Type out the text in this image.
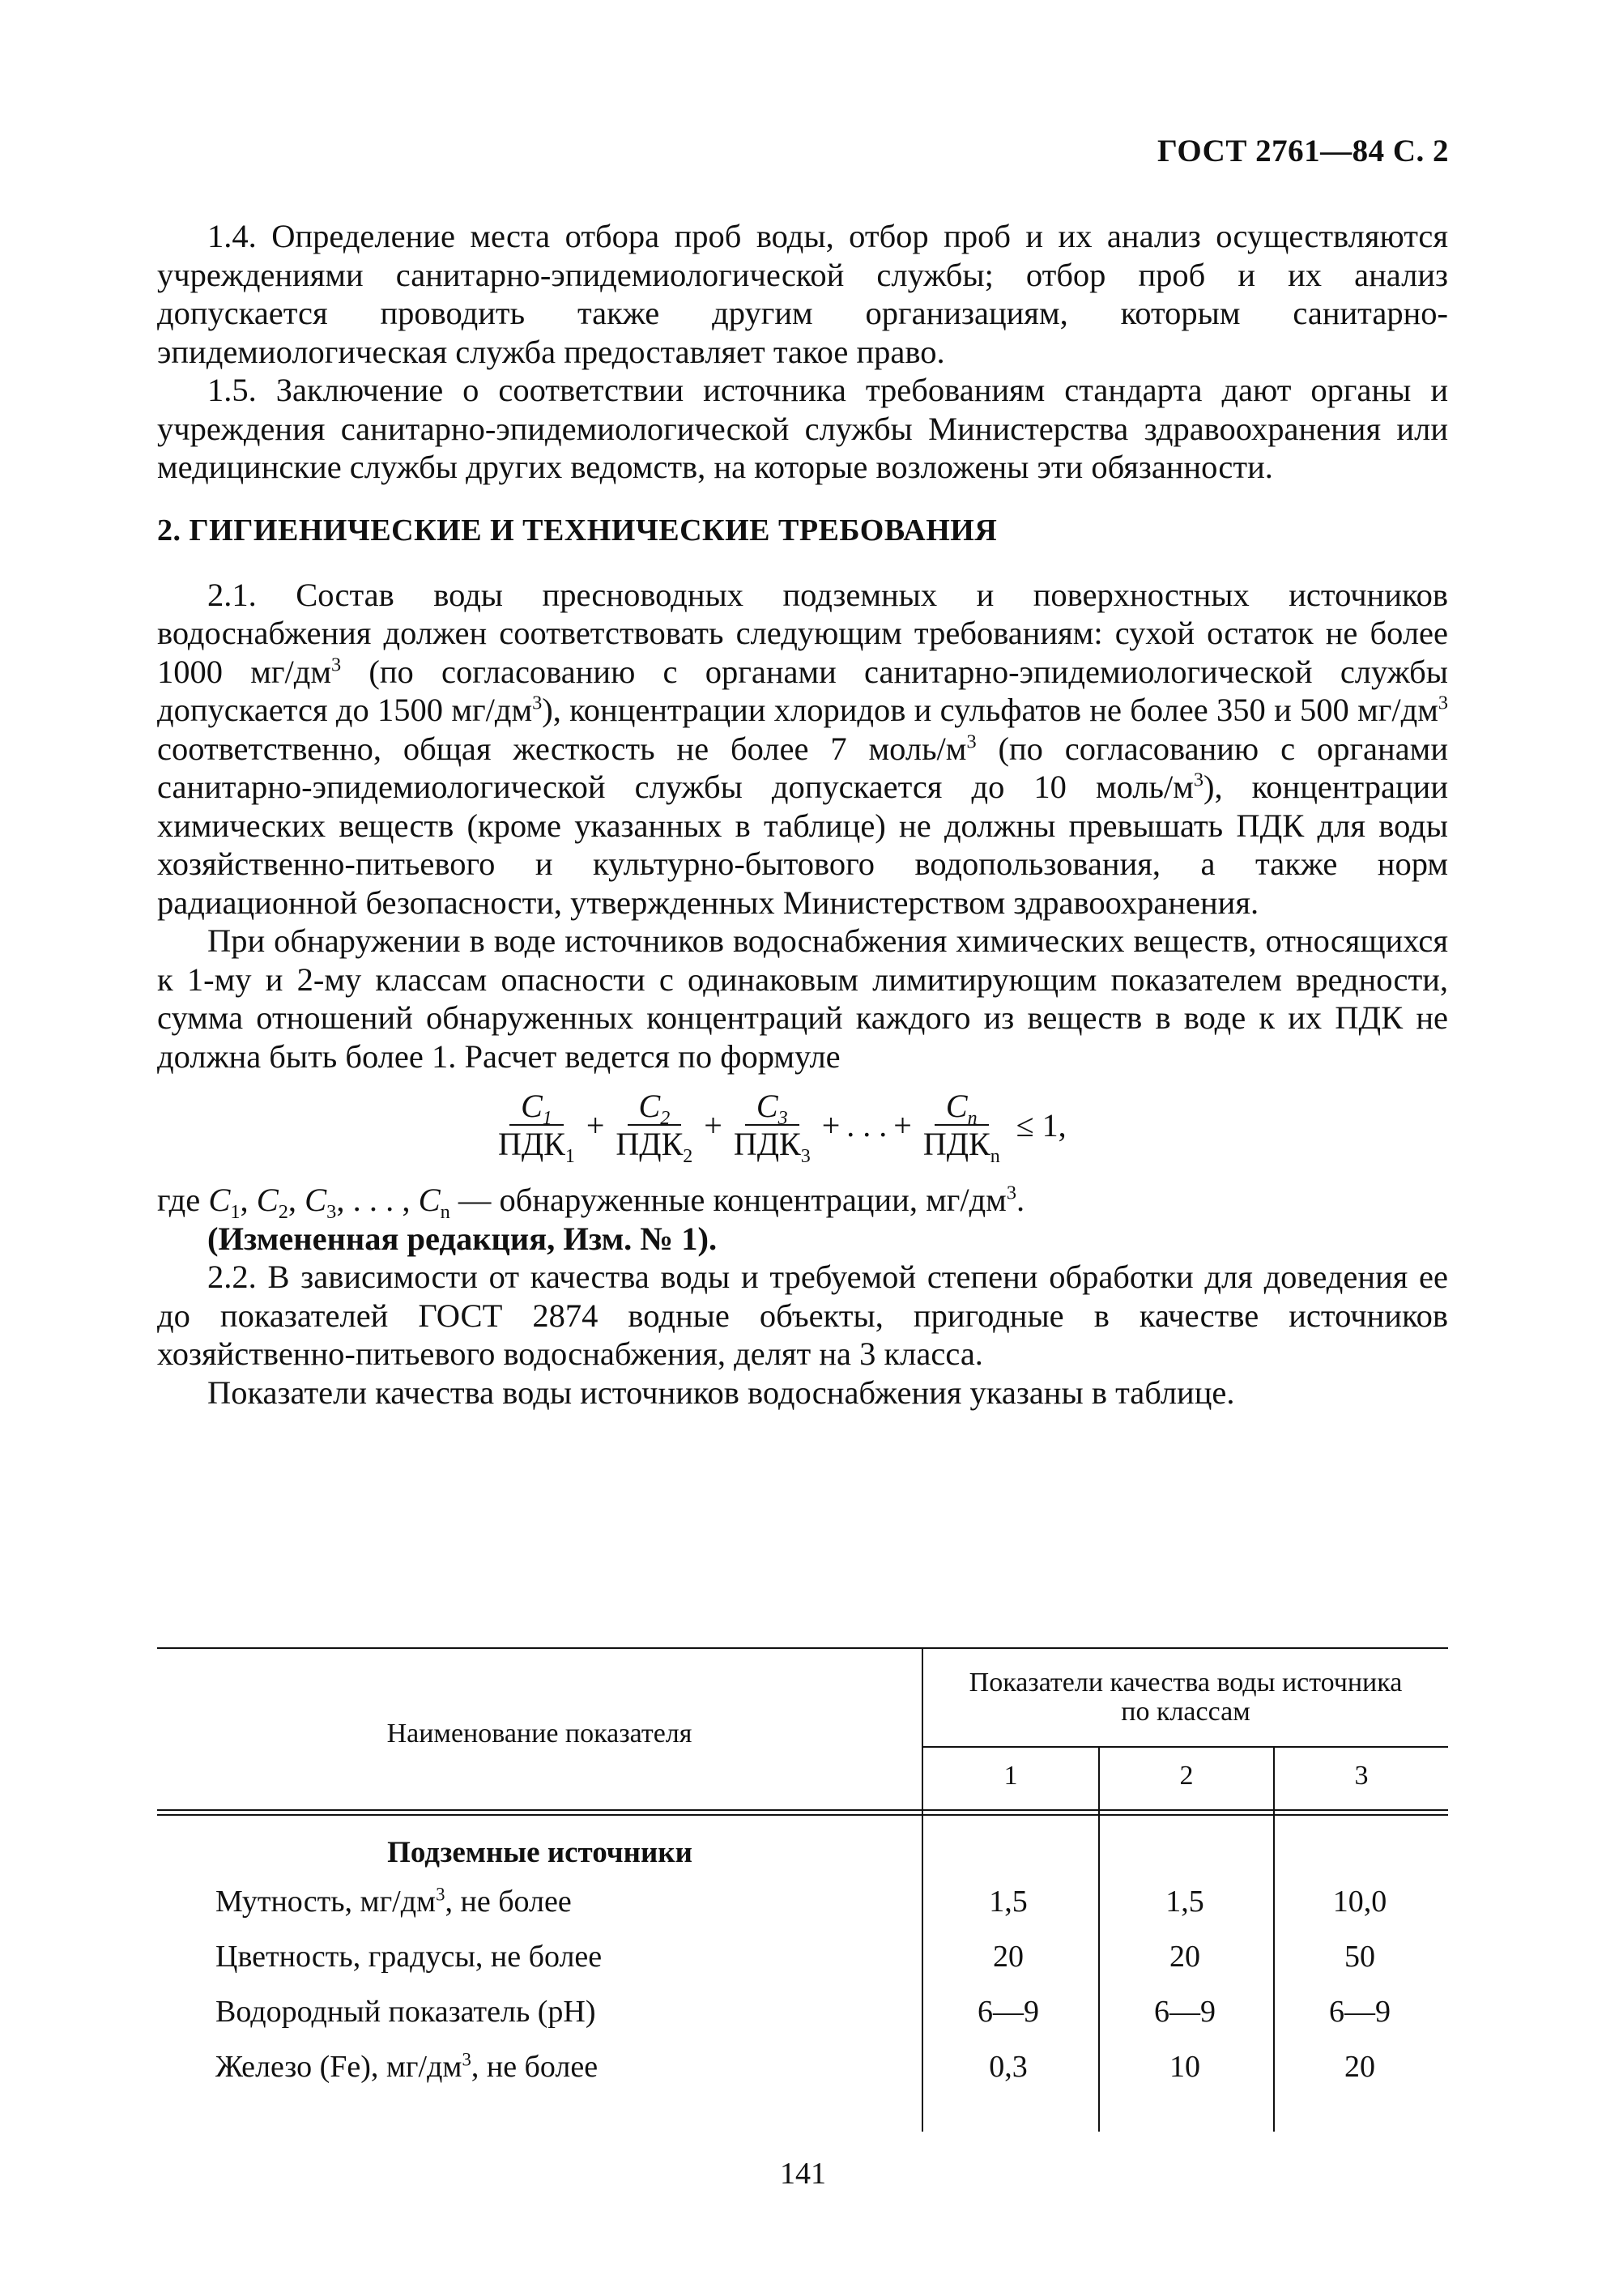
ГОСТ 2761—84 С. 2

1.4. Определение места отбора проб воды, отбор проб и их анализ осуществляются учреждениями санитарно-эпидемиологической службы; отбор проб и их анализ допускается проводить также другим организациям, которым санитарно-эпидемиологическая служба предоставляет такое право.

1.5. Заключение о соответствии источника требованиям стандарта дают органы и учреждения санитарно-эпидемиологической службы Министерства здравоохранения или медицинские службы других ведомств, на которые возложены эти обязанности.

2. ГИГИЕНИЧЕСКИЕ И ТЕХНИЧЕСКИЕ ТРЕБОВАНИЯ

2.1. Состав воды пресноводных подземных и поверхностных источников водоснабжения должен соответствовать следующим требованиям: сухой остаток не более 1000 $мг/дм^3$ (по согласованию с органами санитарно-эпидемиологической службы допускается до 1500 $мг/дм^3$), концентрации хлоридов и сульфатов не более 350 и 500 $мг/дм^3$ соответственно, общая жесткость не более 7 моль/$м^3$ (по согласованию с органами санитарно-эпидемиологической службы допускается до 10 моль/$м^3$), концентрации химических веществ (кроме указанных в таблице) не должны превышать ПДК для воды хозяйственно-питьевого и культурно-бытового водопользования, а также норм радиационной безопасности, утвержденных Министерством здравоохранения.

При обнаружении в воде источников водоснабжения химических веществ, относящихся к 1-му и 2-му классам опасности с одинаковым лимитирующим показателем вредности, сумма отношений обнаруженных концентраций каждого из веществ в воде к их ПДК не должна быть более 1. Расчет ведется по формуле

$\frac{C_1}{ПДК_1} + \frac{C_2}{ПДК_2} + \frac{C_3}{ПДК_3}$ + . . . + $\frac{C_n}{ПДК_n} \le 1$,

где $C_1$, $C_2$, $C_3$, . . . , $C_n$ — обнаруженные концентрации, $мг/дм^3$.

(Измененная редакция, Изм. № 1).

2.2. В зависимости от качества воды и требуемой степени обработки для доведения ее до показателей ГОСТ 2874 водные объекты, пригодные в качестве источников хозяйственно-питьевого водоснабжения, делят на 3 класса.

Показатели качества воды источников водоснабжения указаны в таблице.

Наименование показателя
Показатели качества воды источника по классам
1	2	3
Подземные источники
Мутность, $мг/дм^3$, не более	1,5	1,5	10,0
Цветность, градусы, не более	20	20	50
Водородный показатель (рН)	6—9	6—9	6—9
Железо (Fe), $мг/дм^3$, не более	0,3	10	20
141
